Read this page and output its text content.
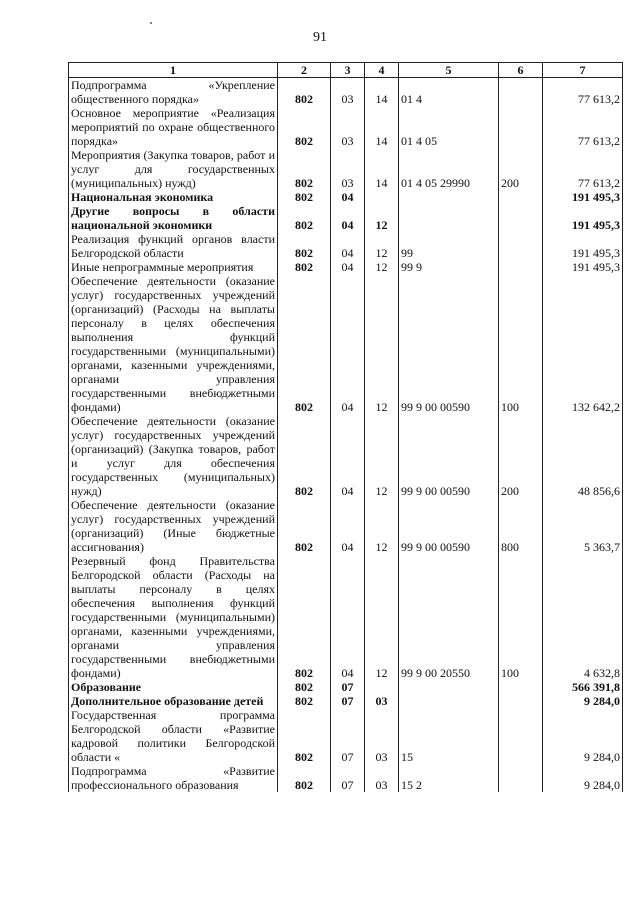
91
1	2	3	4	5	6	7
Подпрограмма «Укрепление общественного порядка»	802	03	14	01 4		77 613,2
Основное мероприятие «Реализация мероприятий по охране общественного порядка»	802	03	14	01 4 05		77 613,2
Мероприятия (Закупка товаров, работ и услуг для государственных (муниципальных) нужд)	802	03	14	01 4 05 29990	200	77 613,2
Национальная экономика	802	04				191 495,3
Другие вопросы в области национальной экономики	802	04	12			191 495,3
Реализация функций органов власти Белгородской области	802	04	12	99		191 495,3
Иные непрограммные мероприятия	802	04	12	99 9		191 495,3
Обеспечение деятельности (оказание услуг) государственных учреждений (организаций) (Расходы на выплаты персоналу в целях обеспечения выполнения функций государственными (муниципальными) органами, казенными учреждениями, органами управления государственными внебюджетными фондами)	802	04	12	99 9 00 00590	100	132 642,2
Обеспечение деятельности (оказание услуг) государственных учреждений (организаций) (Закупка товаров, работ и услуг для обеспечения государственных (муниципальных) нужд)	802	04	12	99 9 00 00590	200	48 856,6
Обеспечение деятельности (оказание услуг) государственных учреждений (организаций) (Иные бюджетные ассигнования)	802	04	12	99 9 00 00590	800	5 363,7
Резервный фонд Правительства Белгородской области (Расходы на выплаты персоналу в целях обеспечения выполнения функций государственными (муниципальными) органами, казенными учреждениями, органами управления государственными внебюджетными фондами)	802	04	12	99 9 00 20550	100	4 632,8
Образование	802	07				566 391,8
Дополнительное образование детей	802	07	03			9 284,0
Государственная программа Белгородской области «Развитие кадровой политики Белгородской области «	802	07	03	15		9 284,0
Подпрограмма «Развитие профессионального образования	802	07	03	15 2		9 284,0
